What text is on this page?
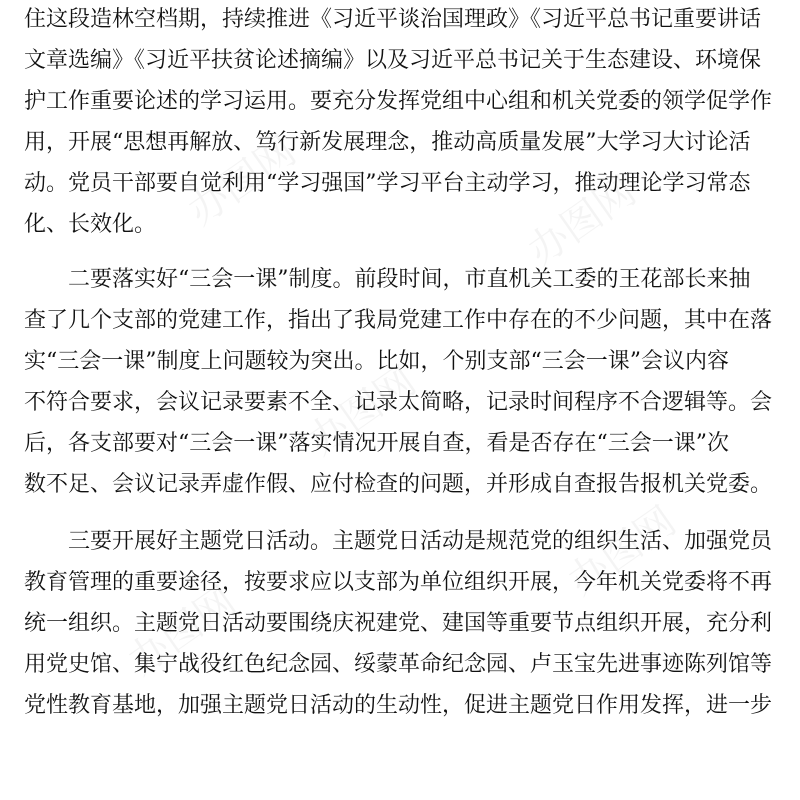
住这段造林空档期，持续推进《习近平谈治国理政》《习近平总书记重要讲话
文章选编》《习近平扶贫论述摘编》以及习近平总书记关于生态建设、环境保
护工作重要论述的学习运用。要充分发挥党组中心组和机关党委的领学促学作
用，开展“思想再解放、笃行新发展理念，推动高质量发展”大学习大讨论活
动。党员干部要自觉利用“学习强国”学习平台主动学习，推动理论学习常态
化、长效化。
二要落实好“三会一课”制度。前段时间，市直机关工委的王花部长来抽
查了几个支部的党建工作，指出了我局党建工作中存在的不少问题，其中在落
实“三会一课”制度上问题较为突出。比如，个别支部“三会一课”会议内容
不符合要求，会议记录要素不全、记录太简略，记录时间程序不合逻辑等。会
后，各支部要对“三会一课”落实情况开展自查，看是否存在“三会一课”次
数不足、会议记录弄虚作假、应付检查的问题，并形成自查报告报机关党委。
三要开展好主题党日活动。主题党日活动是规范党的组织生活、加强党员
教育管理的重要途径，按要求应以支部为单位组织开展，今年机关党委将不再
统一组织。主题党日活动要围绕庆祝建党、建国等重要节点组织开展，充分利
用党史馆、集宁战役红色纪念园、绥蒙革命纪念园、卢玉宝先进事迹陈列馆等
党性教育基地，加强主题党日活动的生动性，促进主题党日作用发挥，进一步
